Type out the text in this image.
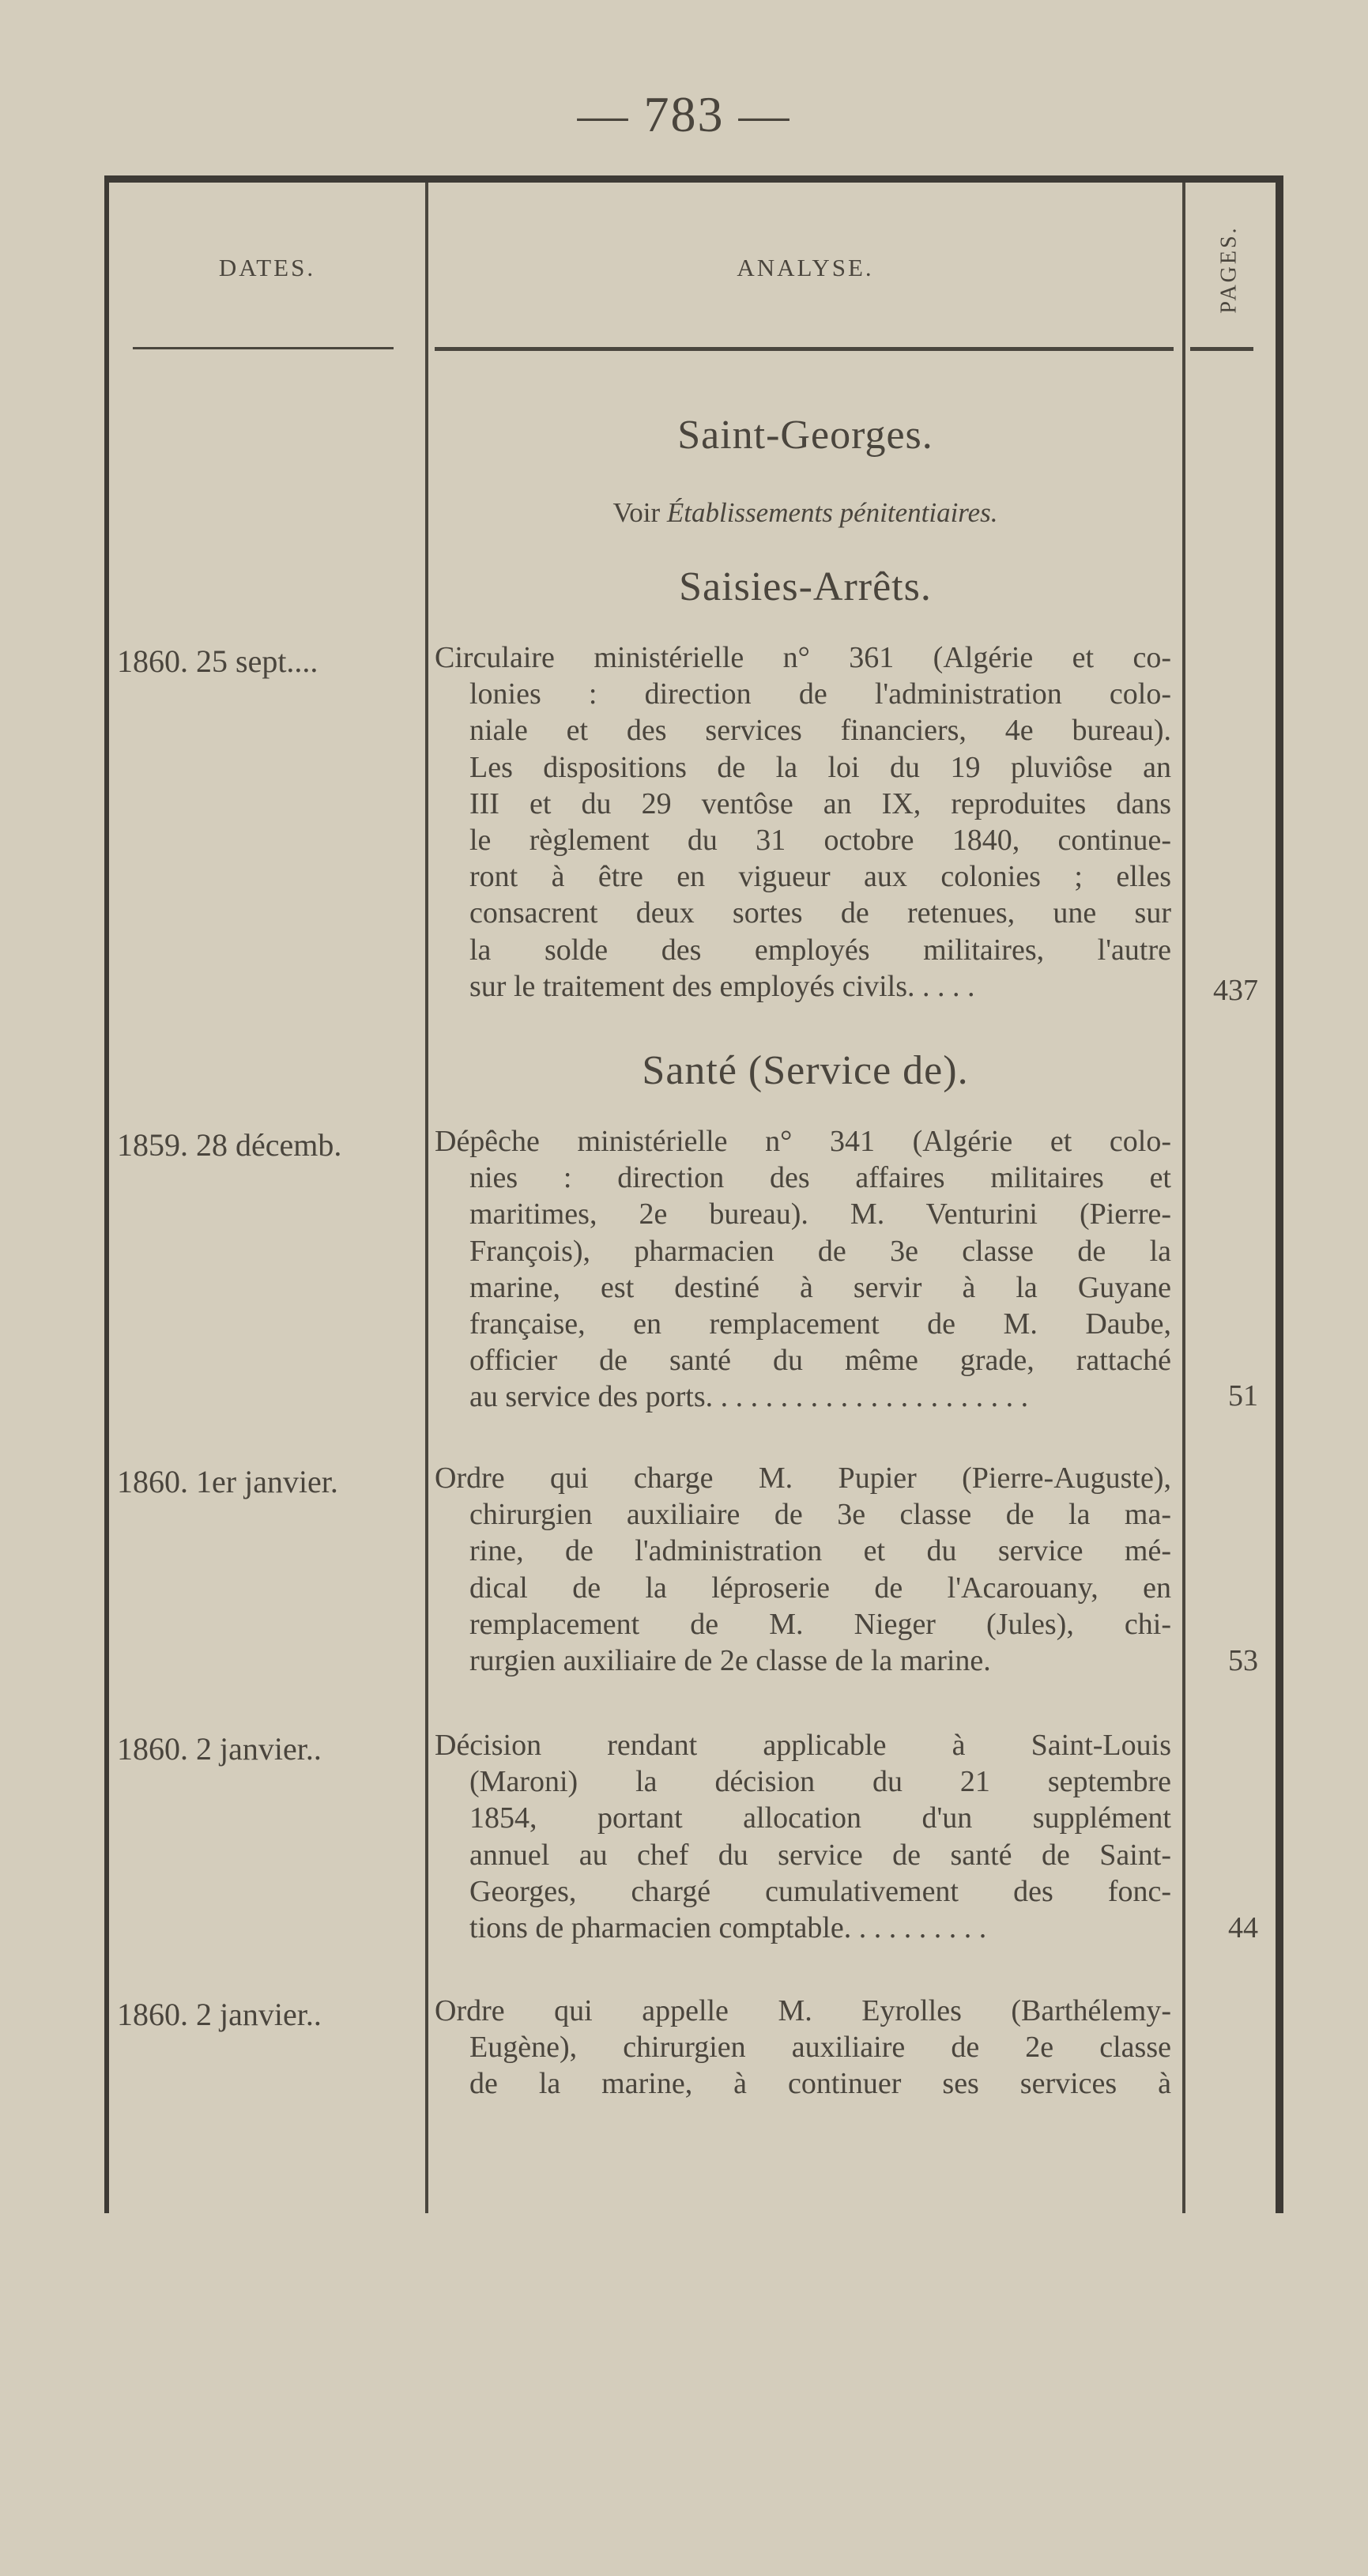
— 783 —
DATES.	ANALYSE.	PAGES.
Saint-Georges.
Voir Établissements pénitentiaires.
Saisies-Arrêts.
1860. 25 sept....	Circulaire ministérielle n° 361 (Algérie et co-
lonies : direction de l'administration colo-
niale et des services financiers, 4e bureau).
Les dispositions de la loi du 19 pluviôse an
III et du 29 ventôse an IX, reproduites dans
le règlement du 31 octobre 1840, continue-
ront à être en vigueur aux colonies ; elles
consacrent deux sortes de retenues, une sur
la solde des employés militaires, l'autre
sur le traitement des employés civils. . . . .	437
Santé (Service de).
1859. 28 décemb.	Dépêche ministérielle n° 341 (Algérie et colo-
nies : direction des affaires militaires et
maritimes, 2e bureau). M. Venturini (Pierre-
François), pharmacien de 3e classe de la
marine, est destiné à servir à la Guyane
française, en remplacement de M. Daube,
officier de santé du même grade, rattaché
au service des ports. . . . . . . . . . . . . . . . . . . . . .	51
1860. 1er janvier.	Ordre qui charge M. Pupier (Pierre-Auguste),
chirurgien auxiliaire de 3e classe de la ma-
rine, de l'administration et du service mé-
dical de la léproserie de l'Acarouany, en
remplacement de M. Nieger (Jules), chi-
rurgien auxiliaire de 2e classe de la marine.	53
1860. 2 janvier..	Décision rendant applicable à Saint-Louis
(Maroni) la décision du 21 septembre
1854, portant allocation d'un supplément
annuel au chef du service de santé de Saint-
Georges, chargé cumulativement des fonc-
tions de pharmacien comptable. . . . . . . . . .	44
1860. 2 janvier..	Ordre qui appelle M. Eyrolles (Barthélemy-
Eugène), chirurgien auxiliaire de 2e classe
de la marine, à continuer ses services à
